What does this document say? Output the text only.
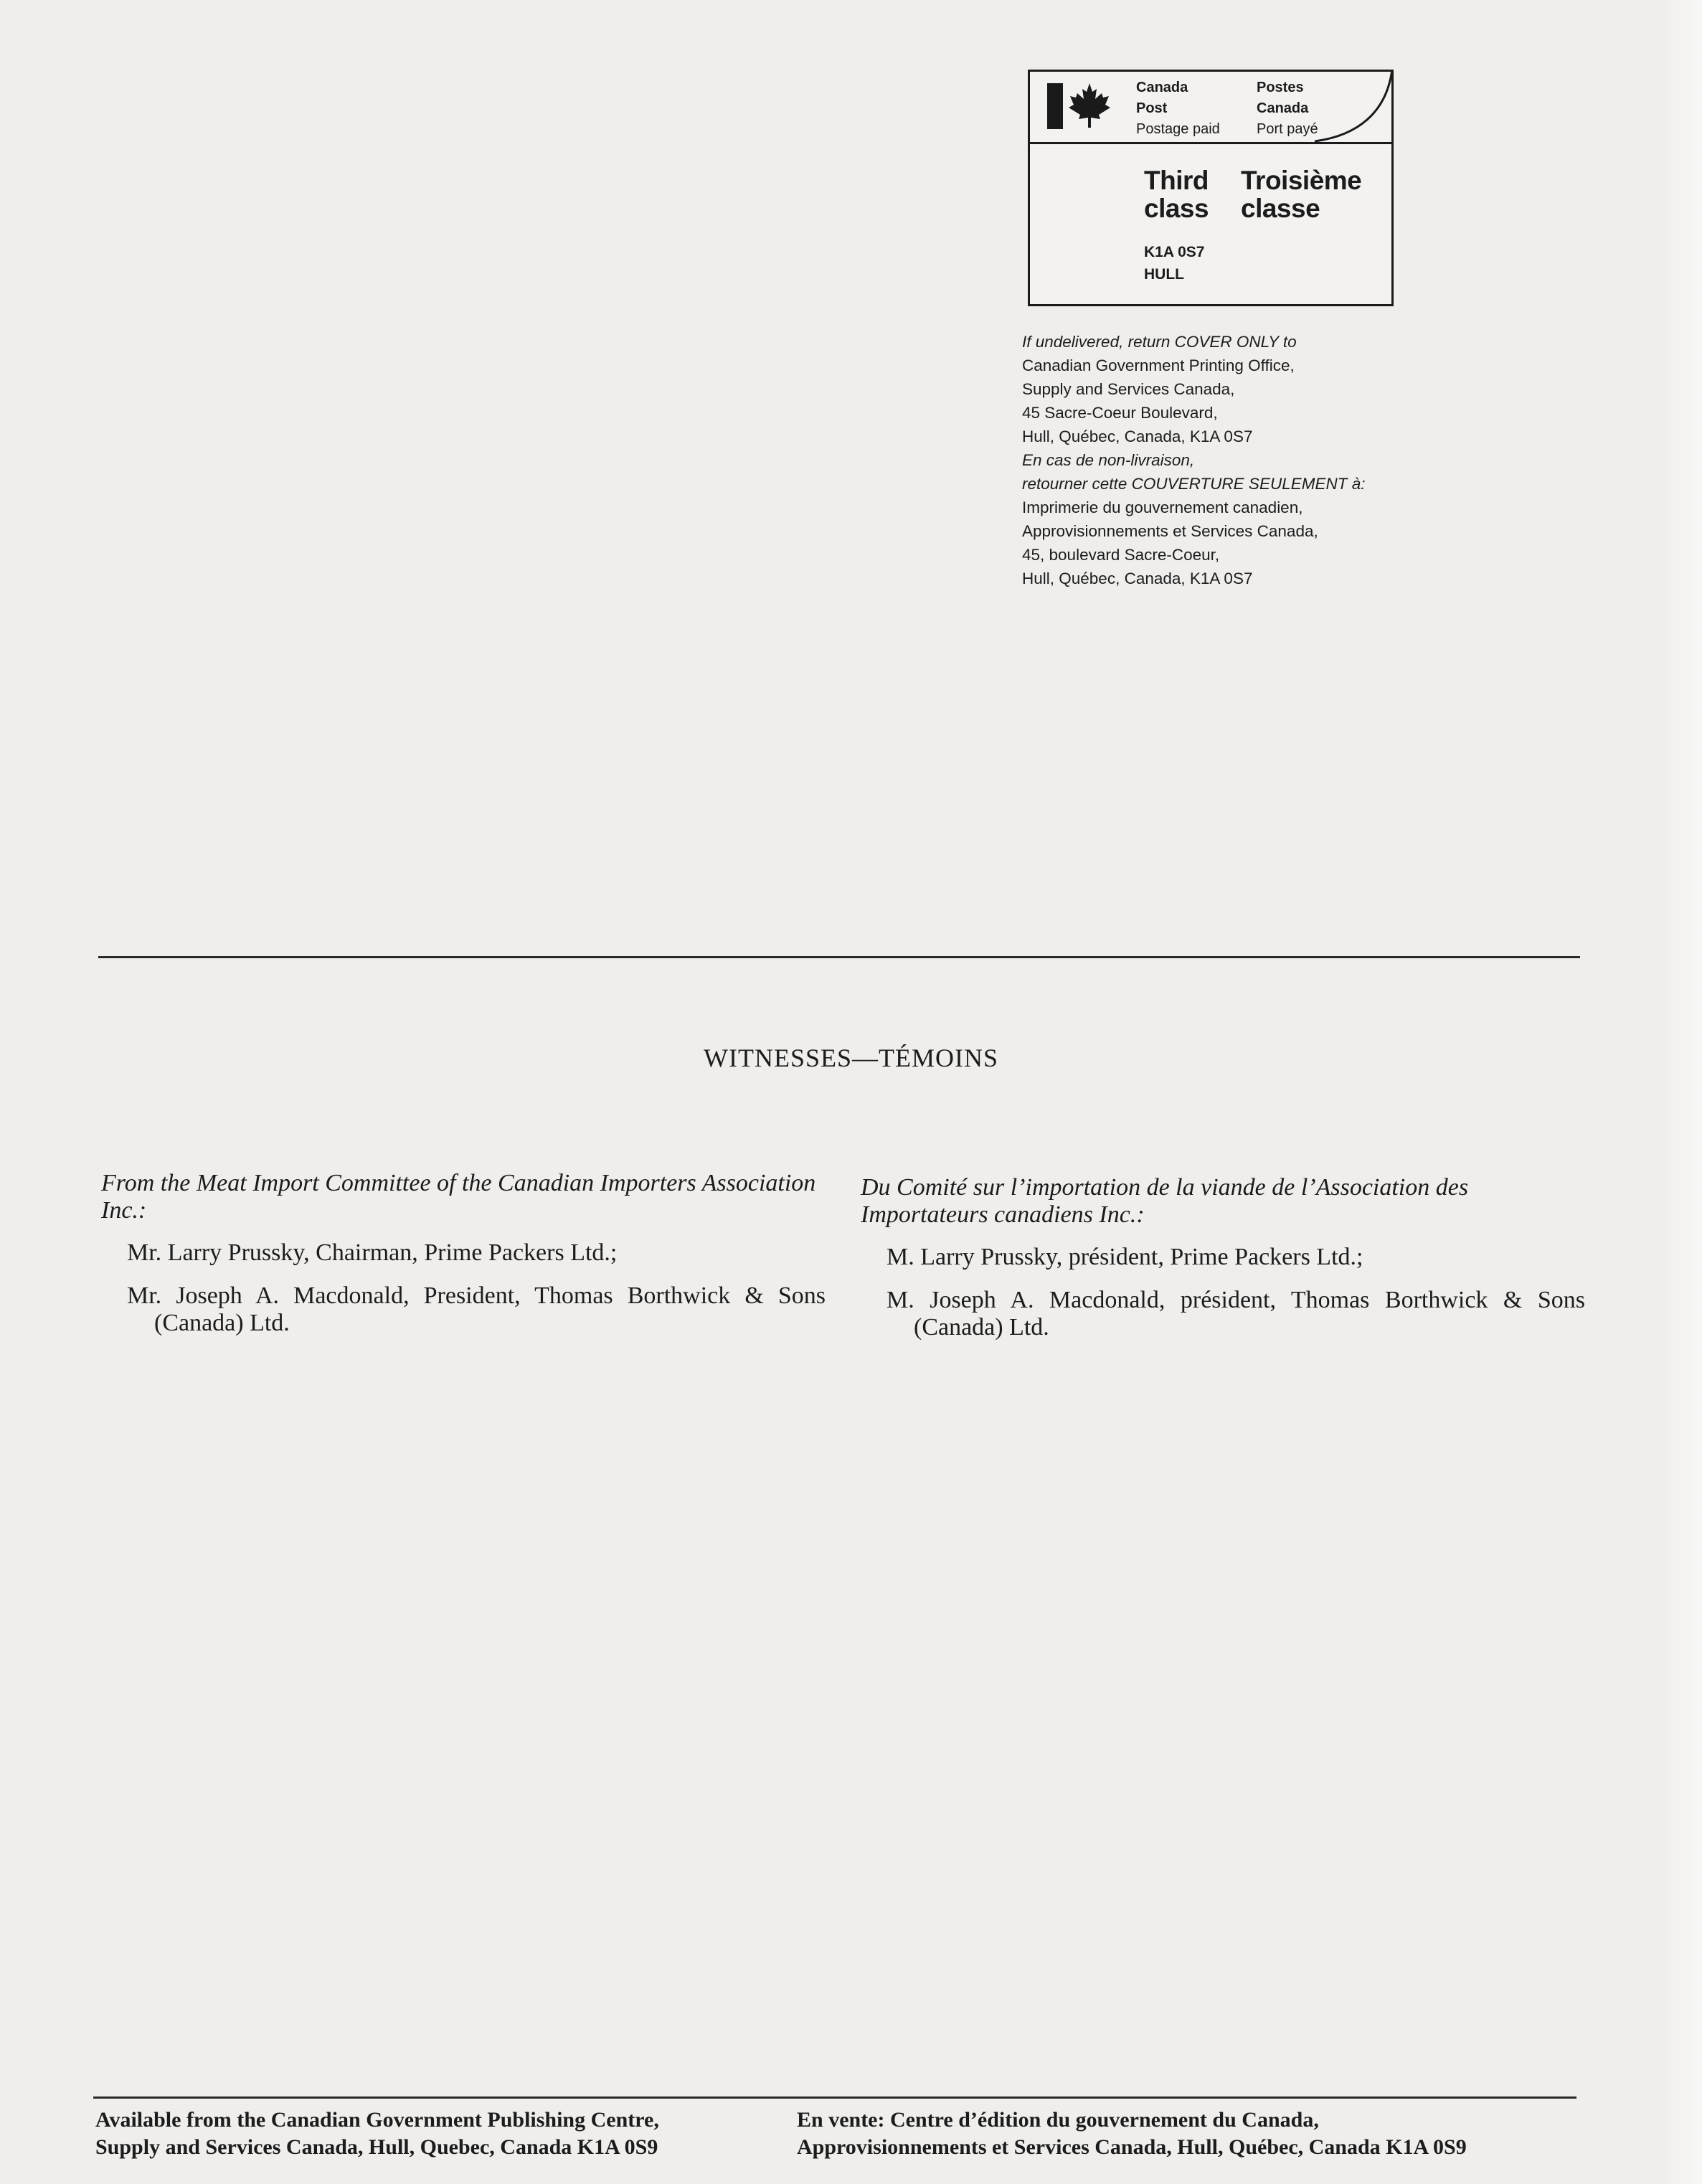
Canada
Post
Postage paid
Postes
Canada
Port payé
Third
class
Troisième
classe
K1A 0S7
HULL
If undelivered, return COVER ONLY to
Canadian Government Printing Office,
Supply and Services Canada,
45 Sacre-Coeur Boulevard,
Hull, Québec, Canada, K1A 0S7
En cas de non-livraison,
retourner cette COUVERTURE SEULEMENT à:
Imprimerie du gouvernement canadien,
Approvisionnements et Services Canada,
45, boulevard Sacre-Coeur,
Hull, Québec, Canada, K1A 0S7
WITNESSES—TÉMOINS
From the Meat Import Committee of the Canadian Importers Association Inc.:
Mr. Larry Prussky, Chairman, Prime Packers Ltd.;
Mr. Joseph A. Macdonald, President, Thomas Borthwick & Sons (Canada) Ltd.
Du Comité sur l’importation de la viande de l’Association des Importateurs canadiens Inc.:
M. Larry Prussky, président, Prime Packers Ltd.;
M. Joseph A. Macdonald, président, Thomas Borthwick & Sons (Canada) Ltd.
Available from the Canadian Government Publishing Centre,
Supply and Services Canada, Hull, Quebec, Canada K1A 0S9
En vente: Centre d’édition du gouvernement du Canada,
Approvisionnements et Services Canada, Hull, Québec, Canada K1A 0S9
